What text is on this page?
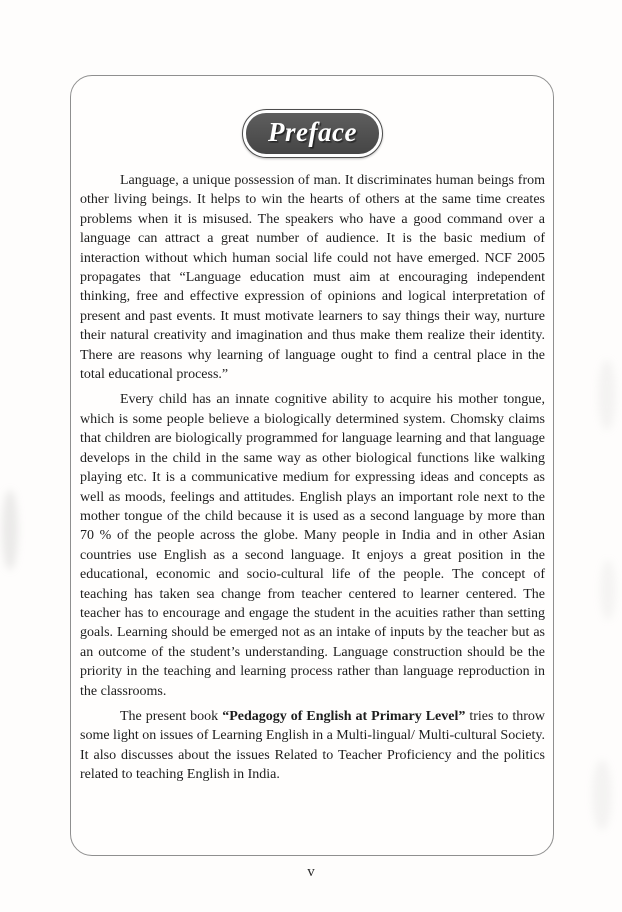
Preface

Language, a unique possession of man. It discriminates human beings from other living beings. It helps to win the hearts of others at the same time creates problems when it is misused. The speakers who have a good command over a language can attract a great number of audience. It is the basic medium of interaction without which human social life could not have emerged. NCF 2005 propagates that “Language education must aim at encouraging independent thinking, free and effective expression of opinions and logical interpretation of present and past events. It must motivate learners to say things their way, nurture their natural creativity and imagination and thus make them realize their identity. There are reasons why learning of language ought to find a central place in the total educational process.”

Every child has an innate cognitive ability to acquire his mother tongue, which is some people believe a biologically determined system. Chomsky claims that children are biologically programmed for language learning and that language develops in the child in the same way as other biological functions like walking playing etc. It is a communicative medium for expressing ideas and concepts as well as moods, feelings and attitudes. English plays an important role next to the mother tongue of the child because it is used as a second language by more than 70 % of the people across the globe. Many people in India and in other Asian countries use English as a second language. It enjoys a great position in the educational, economic and socio-cultural life of the people. The concept of teaching has taken sea change from teacher centered to learner centered. The teacher has to encourage and engage the student in the acuities rather than setting goals. Learning should be emerged not as an intake of inputs by the teacher but as an outcome of the student’s understanding. Language construction should be the priority in the teaching and learning process rather than language reproduction in the classrooms.

The present book “Pedagogy of English at Primary Level” tries to throw some light on issues of Learning English in a Multi-lingual/ Multi-cultural Society. It also discusses about the issues Related to Teacher Proficiency and the politics related to teaching English in India.

v
